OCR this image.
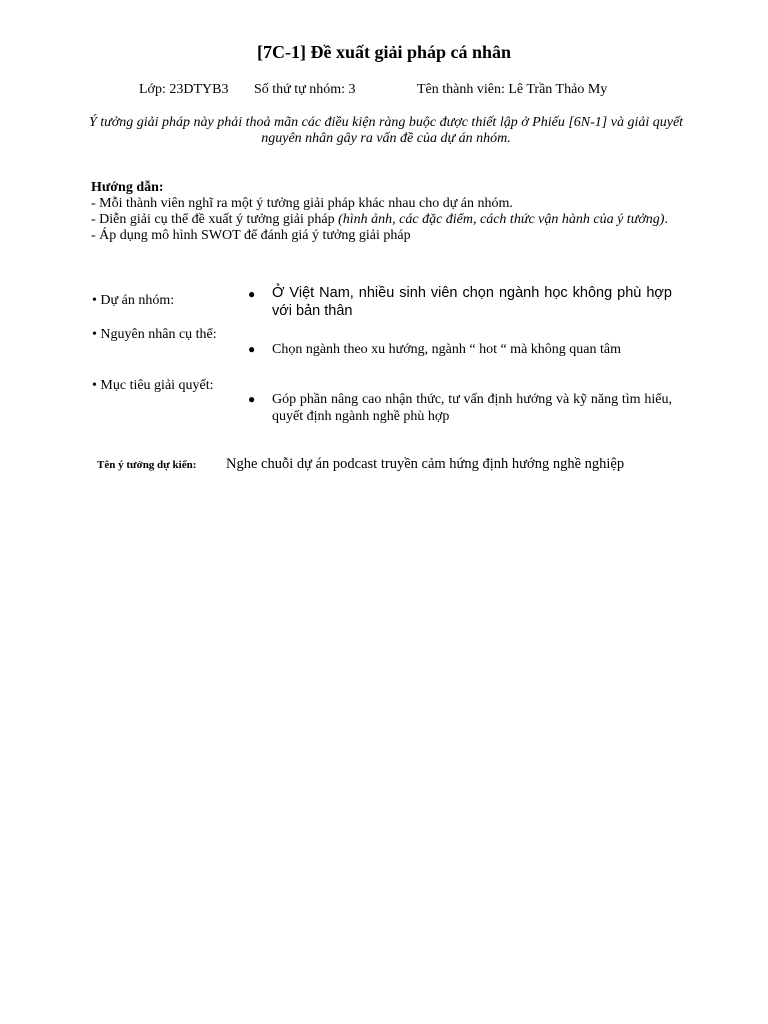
[7C-1] Đề xuất giải pháp cá nhân
Lớp: 23DTYB3 Số thứ tự nhóm: 3	Tên thành viên: Lê Trần Thảo My
Ý tưởng giải pháp này phải thoả mãn các điều kiện ràng buộc được thiết lập ở Phiếu [6N-1] và giải quyết nguyên nhân gây ra vấn đề của dự án nhóm.
Hướng dẫn:
- Mỗi thành viên nghĩ ra một ý tưởng giải pháp khác nhau cho dự án nhóm.
- Diễn giải cụ thể đề xuất ý tưởng giải pháp (hình ảnh, các đặc điểm, cách thức vận hành của ý tưởng).
- Áp dụng mô hình SWOT để đánh giá ý tưởng giải pháp
• Dự án nhóm:	● Ở Việt Nam, nhiều sinh viên chọn ngành học không phù hợp với bản thân
• Nguyên nhân cụ thể:
● Chọn ngành theo xu hướng, ngành “ hot “ mà không quan tâm
• Mục tiêu giải quyết:
● Góp phần nâng cao nhận thức, tư vấn định hướng và kỹ năng tìm hiểu, quyết định ngành nghề phù hợp
Tên ý tưởng dự kiến: Nghe chuỗi dự án podcast truyền cảm hứng định hướng nghề nghiệp
